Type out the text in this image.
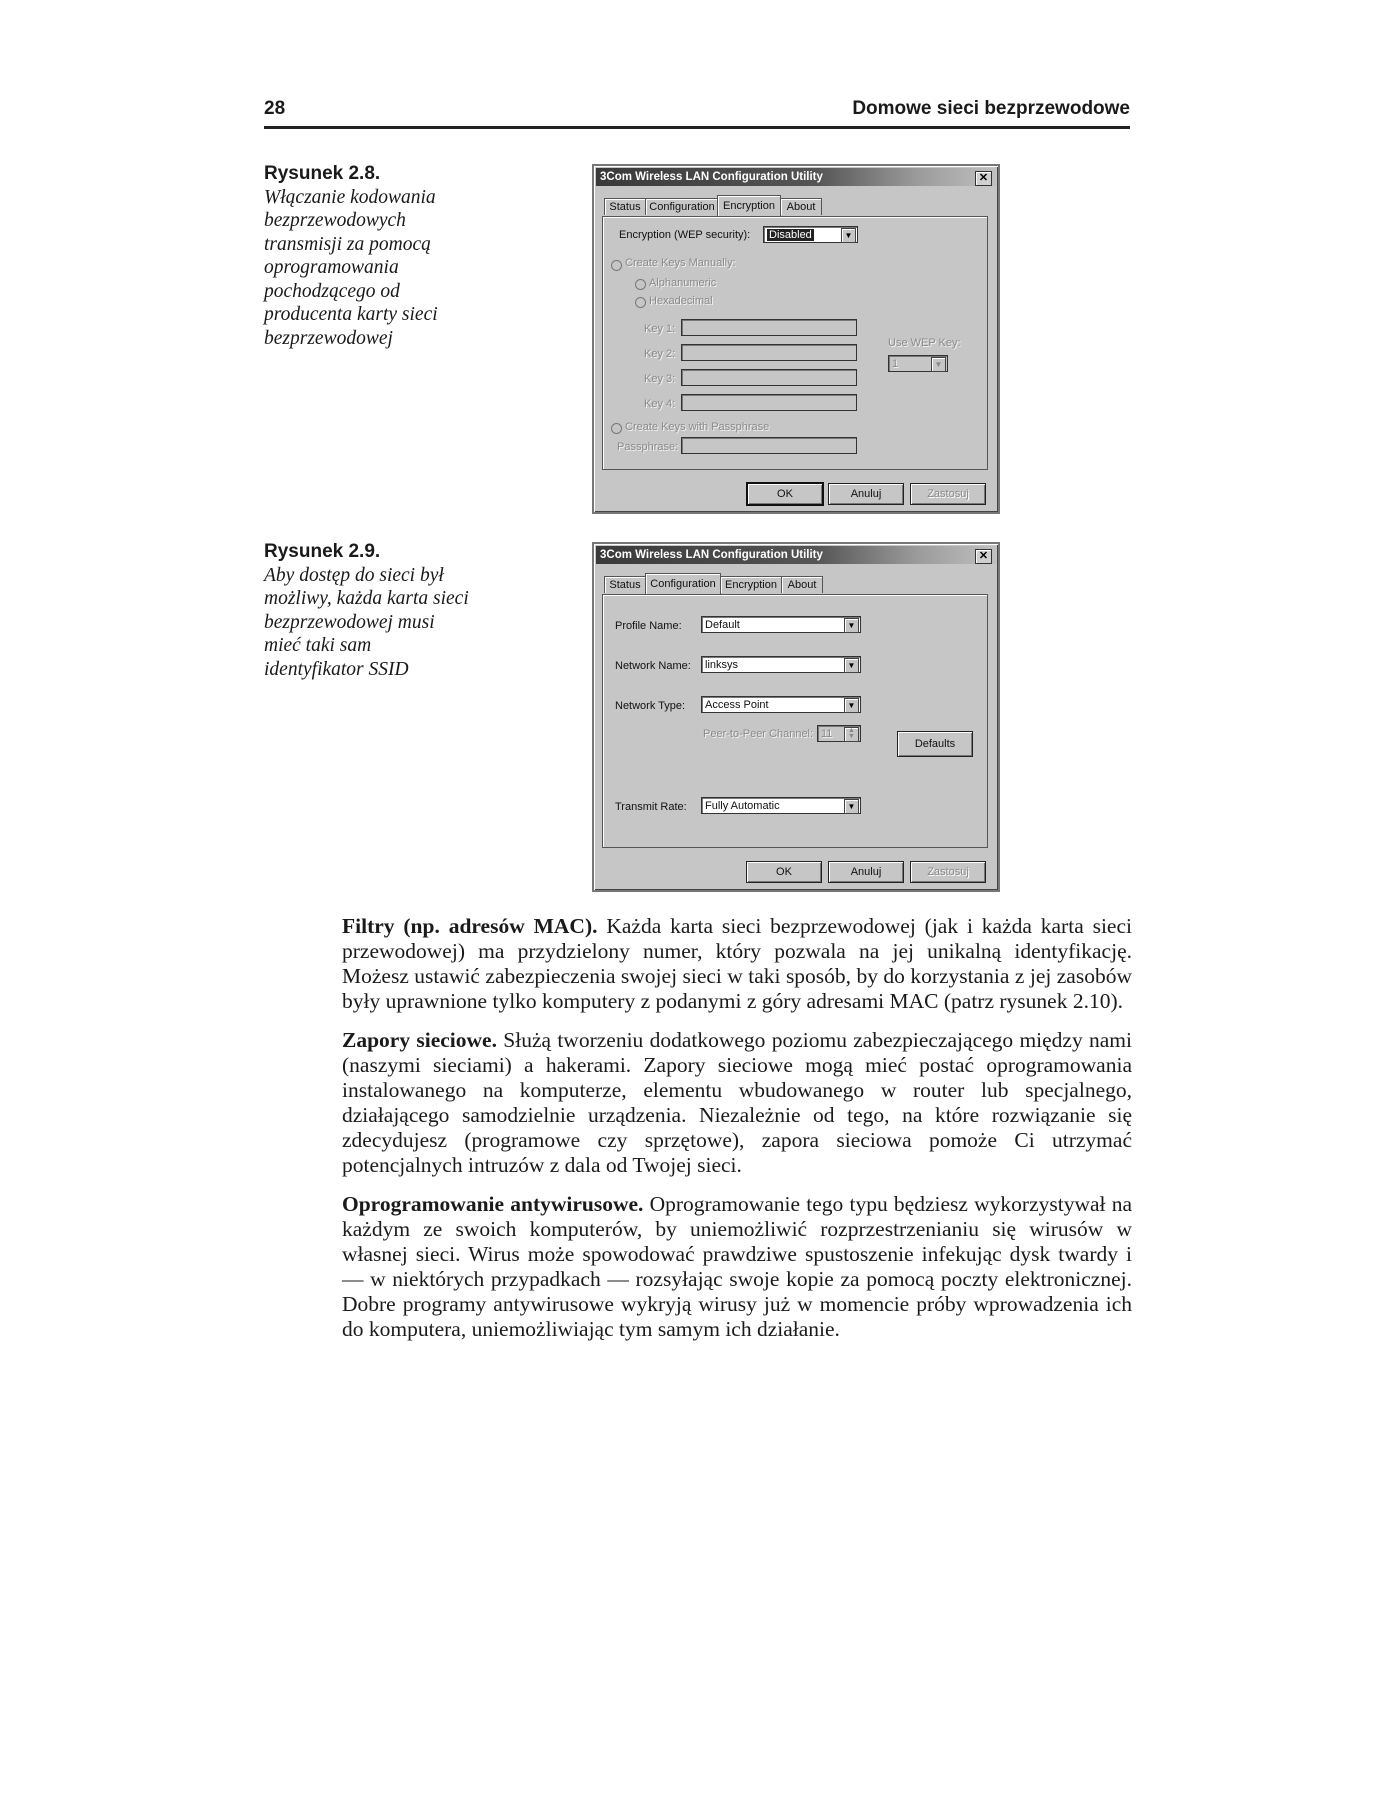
28	Domowe sieci bezprzewodowe
Rysunek 2.8.
Włączanie kodowania bezprzewodowych transmisji za pomocą oprogramowania pochodzącego od producenta karty sieci bezprzewodowej
3Com Wireless LAN Configuration Utility	✕
Status Configuration Encryption	About
Encryption (WEP security):	Disabled	▼
Create Keys Manually:
Alphanumeric
Hexadecimal
Key 1:
Key 2:
Key 3:
Key 4:
Use WEP Key:
1	▼
Create Keys with Passphrase
Passphrase:
OK	Anuluj	Zastosuj
Rysunek 2.9.
Aby dostęp do sieci był możliwy, każda karta sieci bezprzewodowej musi mieć taki sam identyfikator SSID
3Com Wireless LAN Configuration Utility	✕
Status Configuration Encryption About
Profile Name:	Default	▼
Network Name:	linksys	▼
Network Type:	Access Point	▼
Peer-to-Peer Channel: 11	▲
▼
Defaults
Transmit Rate:	Fully Automatic	▼
OK	Anuluj	Zastosuj

Filtry (np. adresów MAC). Każda karta sieci bezprzewodowej (jak i każda karta sieci przewodowej) ma przydzielony numer, który pozwala na jej unikalną identyfikację. Możesz ustawić zabezpieczenia swojej sieci w taki sposób, by do korzystania z jej zasobów były uprawnione tylko komputery z podanymi z góry adresami MAC (patrz rysunek 2.10).

Zapory sieciowe. Służą tworzeniu dodatkowego poziomu zabezpieczającego między nami (naszymi sieciami) a hakerami. Zapory sieciowe mogą mieć postać oprogramowania instalowanego na komputerze, elementu wbudowanego w router lub specjalnego, działającego samodzielnie urządzenia. Niezależnie od tego, na które rozwiązanie się zdecydujesz (programowe czy sprzętowe), zapora sieciowa pomoże Ci utrzymać potencjalnych intruzów z dala od Twojej sieci.

Oprogramowanie antywirusowe. Oprogramowanie tego typu będziesz wykorzystywał na każdym ze swoich komputerów, by uniemożliwić rozprzestrzenianiu się wirusów w własnej sieci. Wirus może spowodować prawdziwe spustoszenie infekując dysk twardy i — w niektórych przypadkach — rozsyłając swoje kopie za pomocą poczty elektronicznej. Dobre programy antywirusowe wykryją wirusy już w momencie próby wprowadzenia ich do komputera, uniemożliwiając tym samym ich działanie.
